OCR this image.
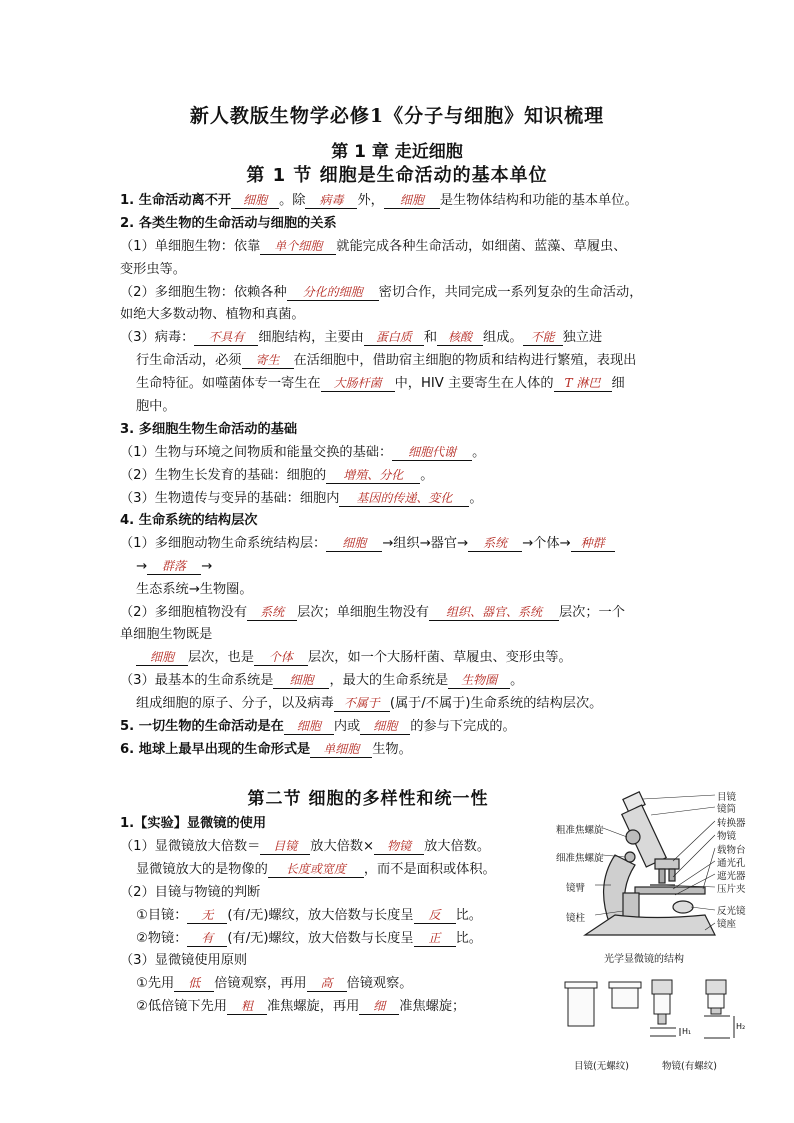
新人教版生物学必修1《分子与细胞》知识梳理
第 1 章 走近细胞
第 1 节 细胞是生命活动的基本单位
1. 生命活动离不开 细胞 。除 病毒 外， 细胞 是生物体结构和功能的基本单位。
2. 各类生物的生命活动与细胞的关系
（1）单细胞生物：依靠 单个细胞 就能完成各种生命活动，如细菌、蓝藻、草履虫、
变形虫等。
（2）多细胞生物：依赖各种 分化的细胞 密切合作，共同完成一系列复杂的生命活动，
如绝大多数动物、植物和真菌。
（3）病毒： 不具有 细胞结构，主要由 蛋白质 和 核酸 组成。 不能 独立进
行生命活动，必须 寄生 在活细胞中，借助宿主细胞的物质和结构进行繁殖，表现出
生命特征。如噬菌体专一寄生在 大肠杆菌 中，HIV 主要寄生在人体的 T 淋巴 细
胞中。
3. 多细胞生物生命活动的基础
（1）生物与环境之间物质和能量交换的基础： 细胞代谢 。
（2）生物生长发育的基础：细胞的 增殖、分化 。
（3）生物遗传与变异的基础：细胞内 基因的传递、变化 。
4. 生命系统的结构层次
（1）多细胞动物生命系统结构层： 细胞 →组织→器官→ 系统 →个体→ 种群
→ 群落 →
生态系统→生物圈。
（2）多细胞植物没有 系统 层次；单细胞生物没有 组织、器官、系统 层次；一个
单细胞生物既是
细胞 层次，也是 个体 层次，如一个大肠杆菌、草履虫、变形虫等。
（3）最基本的生命系统是 细胞 ，最大的生命系统是 生物圈 。
组成细胞的原子、分子，以及病毒 不属于 (属于/不属于)生命系统的结构层次。
5. 一切生物的生命活动是在 细胞 内或 细胞 的参与下完成的。
6. 地球上最早出现的生命形式是 单细胞 生物。
第二节 细胞的多样性和统一性
1.【实验】显微镜的使用
（1）显微镜放大倍数＝ 目镜 放大倍数× 物镜 放大倍数。
显微镜放大的是物像的 长度或宽度 ，而不是面积或体积。
（2）目镜与物镜的判断
①目镜： 无 (有/无)螺纹，放大倍数与长度呈 反 比。
②物镜： 有 (有/无)螺纹，放大倍数与长度呈 正 比。
（3）显微镜使用原则
①先用 低 倍镜观察，再用 高 倍镜观察。
②低倍镜下先用 粗 准焦螺旋，再用 细 准焦螺旋；
目镜
镜筒
转换器
物镜
载物台
通光孔
遮光器
压片夹
反光镜
镜座
粗准焦螺旋
细准焦螺旋
镜臂
镜柱
光学显微镜的结构
H₁
H₂
目镜(无螺纹)	物镜(有螺纹)
